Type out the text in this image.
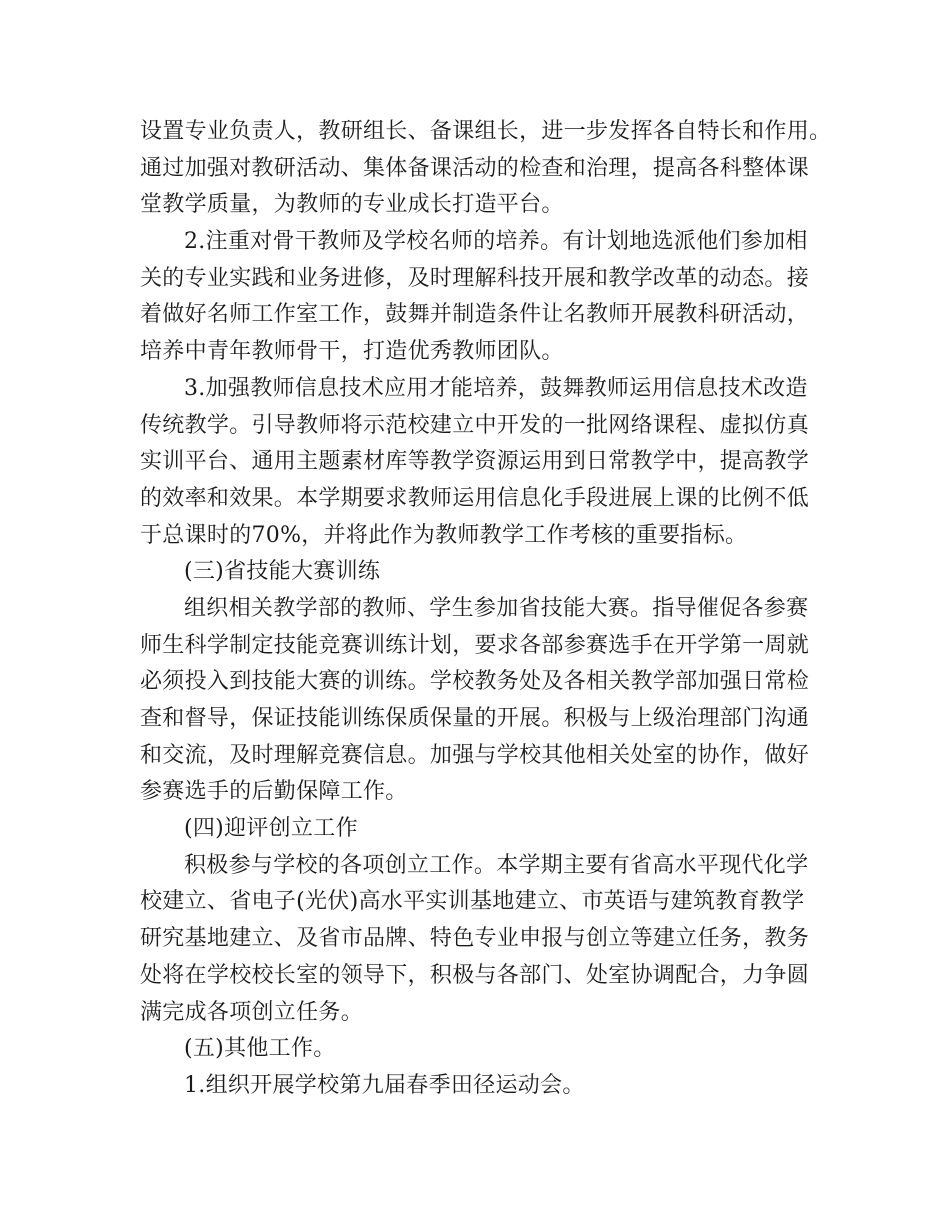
设置专业负责人，教研组长、备课组长，进一步发挥各自特长和作用。
通过加强对教研活动、集体备课活动的检查和治理，提高各科整体课
堂教学质量，为教师的专业成长打造平台。
2.注重对骨干教师及学校名师的培养。有计划地选派他们参加相
关的专业实践和业务进修，及时理解科技开展和教学改革的动态。接
着做好名师工作室工作，鼓舞并制造条件让名教师开展教科研活动，
培养中青年教师骨干，打造优秀教师团队。
3.加强教师信息技术应用才能培养，鼓舞教师运用信息技术改造
传统教学。引导教师将示范校建立中开发的一批网络课程、虚拟仿真
实训平台、通用主题素材库等教学资源运用到日常教学中，提高教学
的效率和效果。本学期要求教师运用信息化手段进展上课的比例不低
于总课时的70%，并将此作为教师教学工作考核的重要指标。
(三)省技能大赛训练
组织相关教学部的教师、学生参加省技能大赛。指导催促各参赛
师生科学制定技能竞赛训练计划，要求各部参赛选手在开学第一周就
必须投入到技能大赛的训练。学校教务处及各相关教学部加强日常检
查和督导，保证技能训练保质保量的开展。积极与上级治理部门沟通
和交流，及时理解竞赛信息。加强与学校其他相关处室的协作，做好
参赛选手的后勤保障工作。
(四)迎评创立工作
积极参与学校的各项创立工作。本学期主要有省高水平现代化学
校建立、省电子(光伏)高水平实训基地建立、市英语与建筑教育教学
研究基地建立、及省市品牌、特色专业申报与创立等建立任务，教务
处将在学校校长室的领导下，积极与各部门、处室协调配合，力争圆
满完成各项创立任务。
(五)其他工作。
1.组织开展学校第九届春季田径运动会。
